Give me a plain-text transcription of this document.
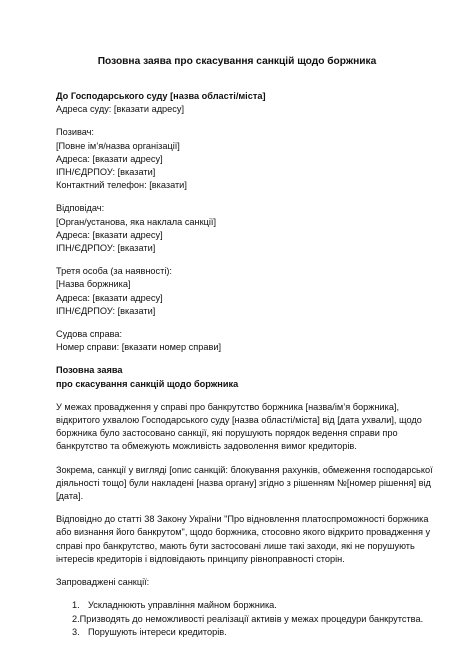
Позовна заява про скасування санкцій щодо боржника
До Господарського суду [назва області/міста]
Адреса суду: [вказати адресу]
Позивач:
[Повне ім’я/назва організації]
Адреса: [вказати адресу]
ІПН/ЄДРПОУ: [вказати]
Контактний телефон: [вказати]
Відповідач:
[Орган/установа, яка наклала санкції]
Адреса: [вказати адресу]
ІПН/ЄДРПОУ: [вказати]
Третя особа (за наявності):
[Назва боржника]
Адреса: [вказати адресу]
ІПН/ЄДРПОУ: [вказати]
Судова справа:
Номер справи: [вказати номер справи]
Позовна заява
про скасування санкцій щодо боржника
У межах провадження у справі про банкрутство боржника [назва/ім’я боржника],
відкритого ухвалою Господарського суду [назва області/міста] від [дата ухвали], щодо
боржника було застосовано санкції, які порушують порядок ведення справи про
банкрутство та обмежують можливість задоволення вимог кредиторів.
Зокрема, санкції у вигляді [опис санкцій: блокування рахунків, обмеження господарської
діяльності тощо] були накладені [назва органу] згідно з рішенням №[номер рішення] від
[дата].
Відповідно до статті 38 Закону України "Про відновлення платоспроможності боржника
або визнання його банкрутом", щодо боржника, стосовно якого відкрито провадження у
справі про банкрутство, мають бути застосовані лише такі заходи, які не порушують
інтересів кредиторів і відповідають принципу рівноправності сторін.
Запроваджені санкції:
1. Ускладнюють управління майном боржника.
2. Призводять до неможливості реалізації активів у межах процедури банкрутства.
3. Порушують інтереси кредиторів.
